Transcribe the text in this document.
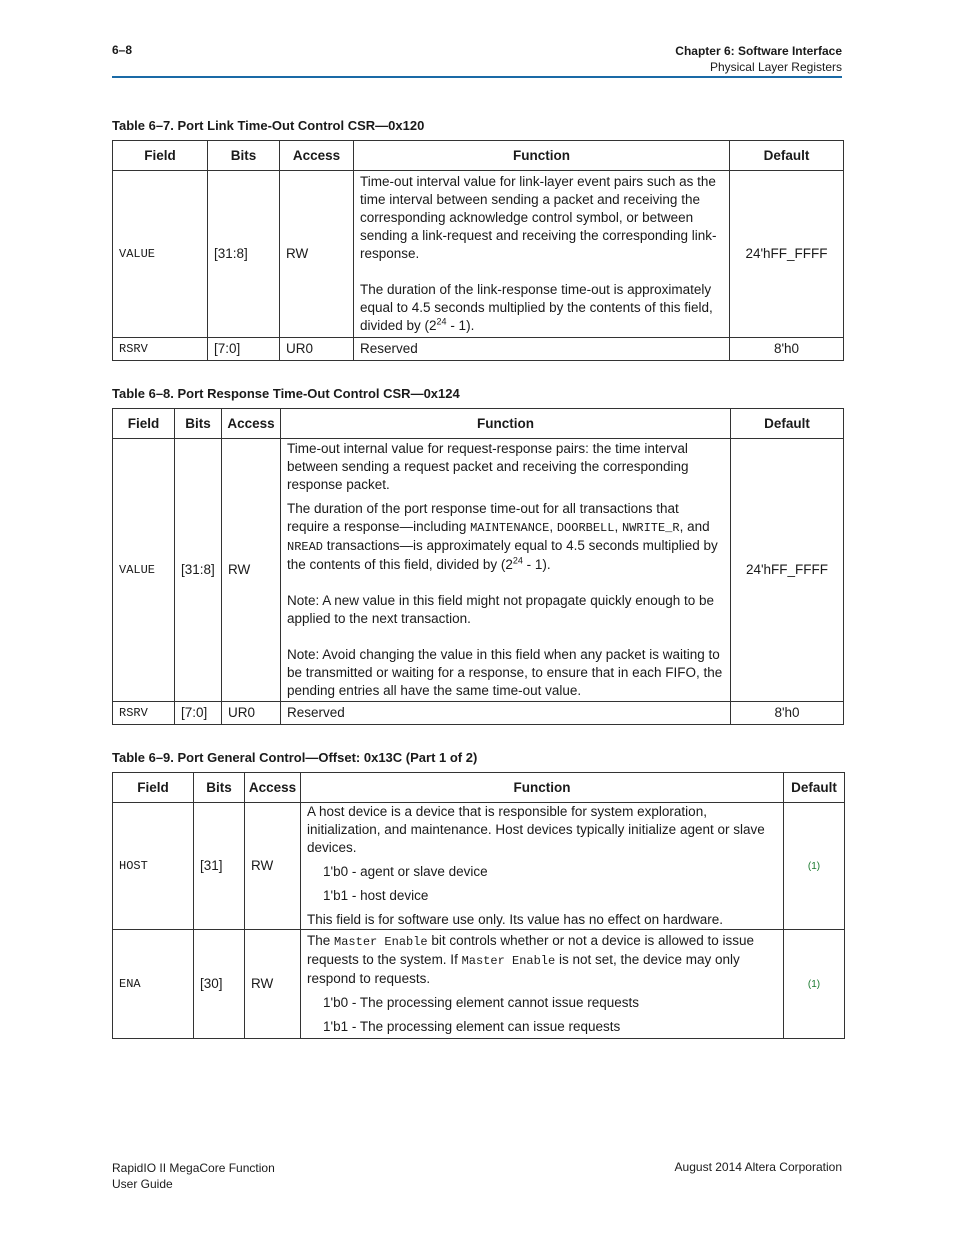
6–8	Chapter 6: Software Interface
Physical Layer Registers
Table 6–7. Port Link Time-Out Control CSR—0x120
Field	Bits	Access	Function	Default
VALUE	[31:8]	RW	Time-out interval value for link-layer event pairs such as the time interval between sending a packet and receiving the corresponding acknowledge control symbol, or between sending a link-request and receiving the corresponding link-response.
The duration of the link-response time-out is approximately equal to 4.5 seconds multiplied by the contents of this field, divided by $(2^{24} - 1)$.	24'hFF_FFFF
RSRV	[7:0]	UR0	Reserved	8'h0
Table 6–8. Port Response Time-Out Control CSR—0x124
Field	Bits	Access	Function	Default
VALUE	[31:8]	RW	Time-out internal value for request-response pairs: the time interval between sending a request packet and receiving the corresponding response packet.
The duration of the port response time-out for all transactions that require a response—including MAINTENANCE, DOORBELL, NWRITE_R, and NREAD transactions—is approximately equal to 4.5 seconds multiplied by the contents of this field, divided by $(2^{24} - 1)$.
Note: A new value in this field might not propagate quickly enough to be applied to the next transaction.
Note: Avoid changing the value in this field when any packet is waiting to be transmitted or waiting for a response, to ensure that in each FIFO, the pending entries all have the same time-out value.	24'hFF_FFFF
RSRV	[7:0]	UR0	Reserved	8'h0
Table 6–9. Port General Control—Offset: 0x13C (Part 1 of 2)
Field	Bits	Access	Function	Default
HOST	[31]	RW	A host device is a device that is responsible for system exploration, initialization, and maintenance. Host devices typically initialize agent or slave devices.
1'b0 - agent or slave device
1'b1 - host device
This field is for software use only. Its value has no effect on hardware.	(1)
ENA	[30]	RW	The Master Enable bit controls whether or not a device is allowed to issue requests to the system. If Master Enable is not set, the device may only respond to requests.
1'b0 - The processing element cannot issue requests
1'b1 - The processing element can issue requests	(1)
RapidIO II MegaCore Function
User Guide
August 2014 Altera Corporation
